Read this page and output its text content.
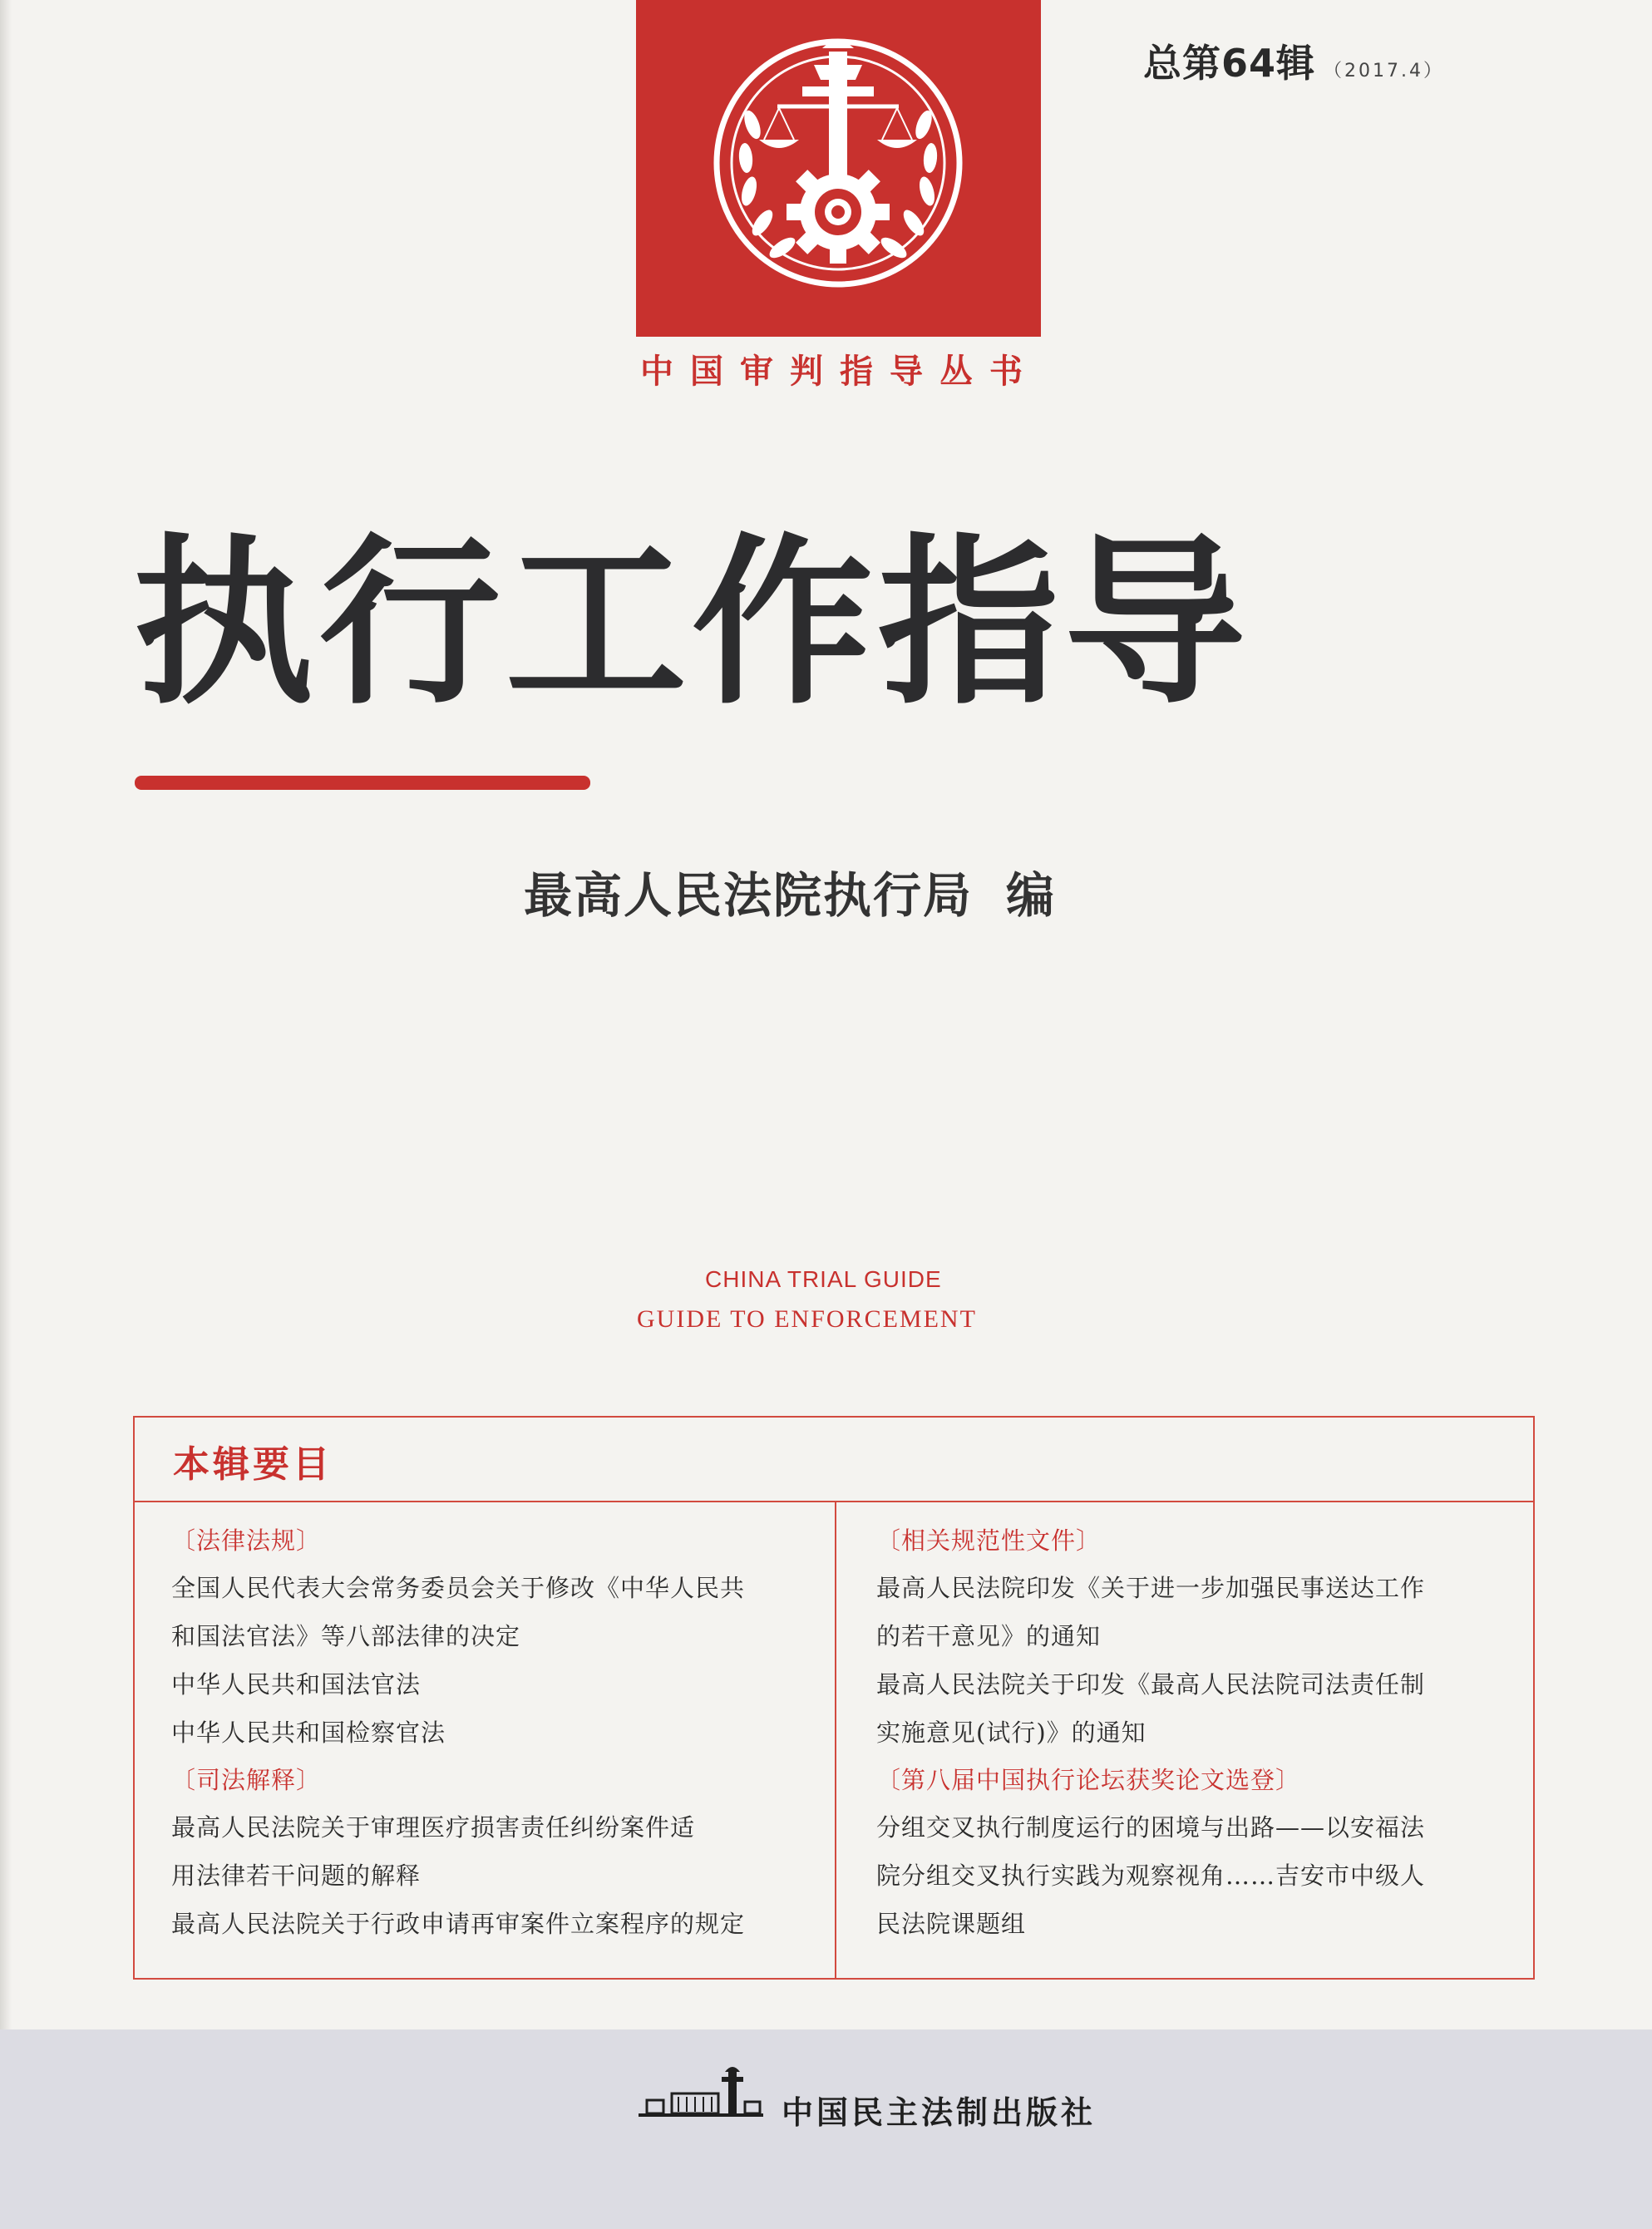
总第64辑 （2017.4）
中国审判指导丛书
执行工作指导
最高人民法院执行局 编
CHINA TRIAL GUIDE
GUIDE TO ENFORCEMENT
本辑要目
〔法律法规〕
全国人民代表大会常务委员会关于修改《中华人民共
和国法官法》等八部法律的决定
中华人民共和国法官法
中华人民共和国检察官法
〔司法解释〕
最高人民法院关于审理医疗损害责任纠纷案件适
用法律若干问题的解释
最高人民法院关于行政申请再审案件立案程序的规定
〔相关规范性文件〕
最高人民法院印发《关于进一步加强民事送达工作
的若干意见》的通知
最高人民法院关于印发《最高人民法院司法责任制
实施意见(试行)》的通知
〔第八届中国执行论坛获奖论文选登〕
分组交叉执行制度运行的困境与出路——以安福法
院分组交叉执行实践为观察视角……吉安市中级人
民法院课题组
中国民主法制出版社
